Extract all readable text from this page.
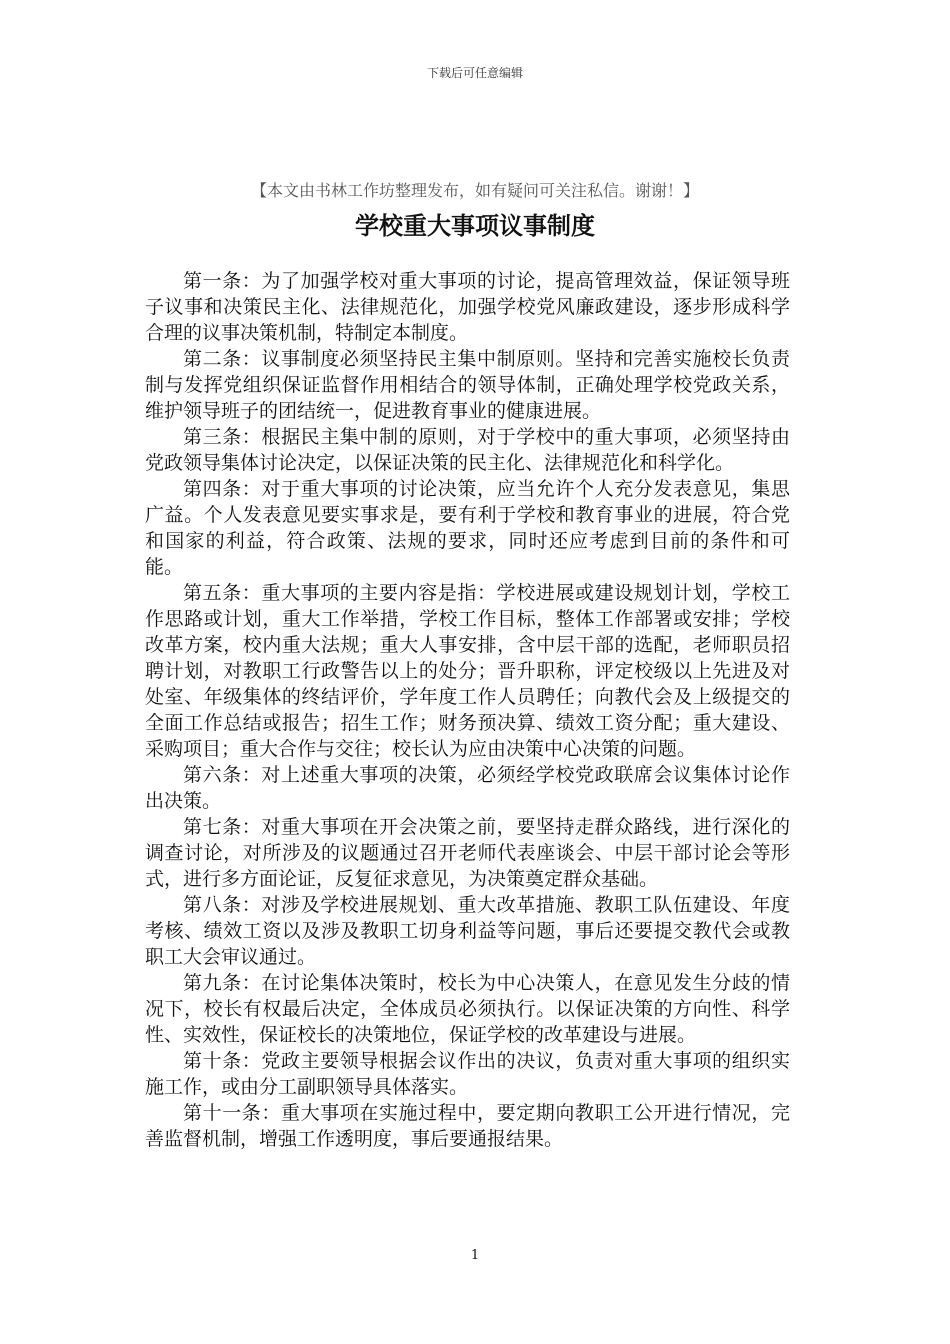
下载后可任意编辑
【本文由书林工作坊整理发布，如有疑问可关注私信。谢谢！】
学校重大事项议事制度

第一条：为了加强学校对重大事项的讨论，提高管理效益，保证领导班子议事和决策民主化、法律规范化，加强学校党风廉政建设，逐步形成科学合理的议事决策机制，特制定本制度。

第二条：议事制度必须坚持民主集中制原则。坚持和完善实施校长负责制与发挥党组织保证监督作用相结合的领导体制，正确处理学校党政关系，维护领导班子的团结统一，促进教育事业的健康进展。

第三条：根据民主集中制的原则，对于学校中的重大事项，必须坚持由党政领导集体讨论决定，以保证决策的民主化、法律规范化和科学化。

第四条：对于重大事项的讨论决策，应当允许个人充分发表意见，集思广益。个人发表意见要实事求是，要有利于学校和教育事业的进展，符合党和国家的利益，符合政策、法规的要求，同时还应考虑到目前的条件和可能。

第五条：重大事项的主要内容是指：学校进展或建设规划计划，学校工作思路或计划，重大工作举措，学校工作目标，整体工作部署或安排；学校改革方案，校内重大法规；重大人事安排，含中层干部的选配，老师职员招聘计划，对教职工行政警告以上的处分；晋升职称，评定校级以上先进及对处室、年级集体的终结评价，学年度工作人员聘任；向教代会及上级提交的全面工作总结或报告；招生工作；财务预决算、绩效工资分配；重大建设、采购项目；重大合作与交往；校长认为应由决策中心决策的问题。

第六条：对上述重大事项的决策，必须经学校党政联席会议集体讨论作出决策。

第七条：对重大事项在开会决策之前，要坚持走群众路线，进行深化的调查讨论，对所涉及的议题通过召开老师代表座谈会、中层干部讨论会等形式，进行多方面论证，反复征求意见，为决策奠定群众基础。

第八条：对涉及学校进展规划、重大改革措施、教职工队伍建设、年度考核、绩效工资以及涉及教职工切身利益等问题，事后还要提交教代会或教职工大会审议通过。

第九条：在讨论集体决策时，校长为中心决策人，在意见发生分歧的情况下，校长有权最后决定，全体成员必须执行。以保证决策的方向性、科学性、实效性，保证校长的决策地位，保证学校的改革建设与进展。

第十条：党政主要领导根据会议作出的决议，负责对重大事项的组织实施工作，或由分工副职领导具体落实。

第十一条：重大事项在实施过程中，要定期向教职工公开进行情况，完善监督机制，增强工作透明度，事后要通报结果。

1
